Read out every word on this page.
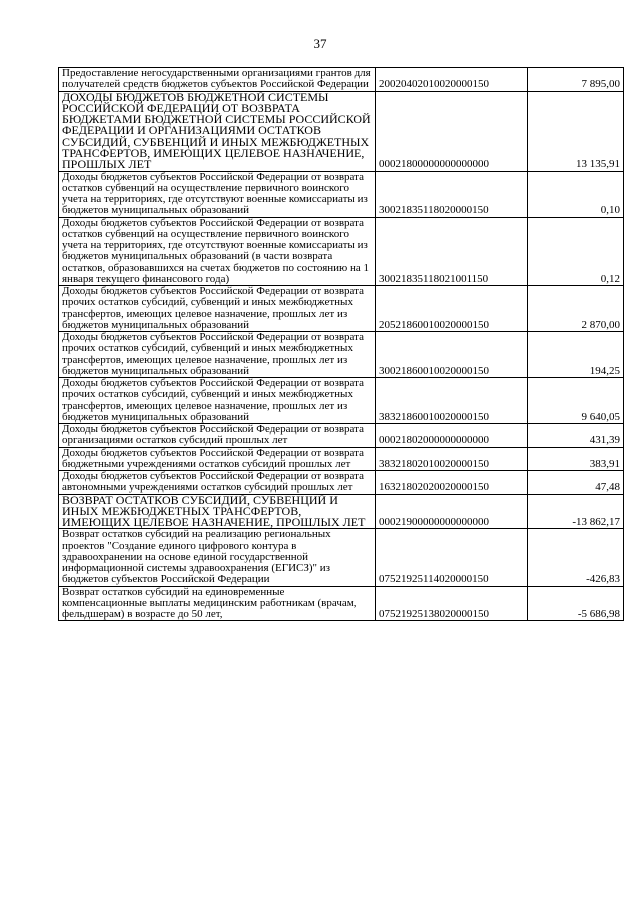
37
Предоставление негосударственными организациями грантов для получателей средств бюджетов субъектов Российской Федерации	20020402010020000150	7 895,00
ДОХОДЫ БЮДЖЕТОВ БЮДЖЕТНОЙ СИСТЕМЫ РОССИЙСКОЙ ФЕДЕРАЦИИ ОТ ВОЗВРАТА БЮДЖЕТАМИ БЮДЖЕТНОЙ СИСТЕМЫ РОССИЙСКОЙ ФЕДЕРАЦИИ И ОРГАНИЗАЦИЯМИ ОСТАТКОВ СУБСИДИЙ, СУБВЕНЦИЙ И ИНЫХ МЕЖБЮДЖЕТНЫХ ТРАНСФЕРТОВ, ИМЕЮЩИХ ЦЕЛЕВОЕ НАЗНАЧЕНИЕ, ПРОШЛЫХ ЛЕТ	00021800000000000000	13 135,91
Доходы бюджетов субъектов Российской Федерации от возврата остатков субвенций на осуществление первичного воинского учета на территориях, где отсутствуют военные комиссариаты из бюджетов муниципальных образований	30021835118020000150	0,10
Доходы бюджетов субъектов Российской Федерации от возврата остатков субвенций на осуществление первичного воинского учета на территориях, где отсутствуют военные комиссариаты из бюджетов муниципальных образований (в части возврата остатков, образовавшихся на счетах бюджетов по состоянию на 1 января текущего финансового года)	30021835118021001150	0,12
Доходы бюджетов субъектов Российской Федерации от возврата прочих остатков субсидий, субвенций и иных межбюджетных трансфертов, имеющих целевое назначение, прошлых лет из бюджетов муниципальных образований	20521860010020000150	2 870,00
Доходы бюджетов субъектов Российской Федерации от возврата прочих остатков субсидий, субвенций и иных межбюджетных трансфертов, имеющих целевое назначение, прошлых лет из бюджетов муниципальных образований	30021860010020000150	194,25
Доходы бюджетов субъектов Российской Федерации от возврата прочих остатков субсидий, субвенций и иных межбюджетных трансфертов, имеющих целевое назначение, прошлых лет из бюджетов муниципальных образований	38321860010020000150	9 640,05
Доходы бюджетов субъектов Российской Федерации от возврата организациями остатков субсидий прошлых лет	00021802000000000000	431,39
Доходы бюджетов субъектов Российской Федерации от возврата бюджетными учреждениями остатков субсидий прошлых лет	38321802010020000150	383,91
Доходы бюджетов субъектов Российской Федерации от возврата автономными учреждениями остатков субсидий прошлых лет	16321802020020000150	47,48
ВОЗВРАТ ОСТАТКОВ СУБСИДИЙ, СУБВЕНЦИЙ И ИНЫХ МЕЖБЮДЖЕТНЫХ ТРАНСФЕРТОВ, ИМЕЮЩИХ ЦЕЛЕВОЕ НАЗНАЧЕНИЕ, ПРОШЛЫХ ЛЕТ	00021900000000000000	-13 862,17
Возврат остатков субсидий на реализацию региональных проектов "Создание единого цифрового контура в здравоохранении на основе единой государственной информационной системы здравоохранения (ЕГИСЗ)" из бюджетов субъектов Российской Федерации	07521925114020000150	-426,83
Возврат остатков субсидий на единовременные компенсационные выплаты медицинским работникам (врачам, фельдшерам) в возрасте до 50 лет,	07521925138020000150	-5 686,98
